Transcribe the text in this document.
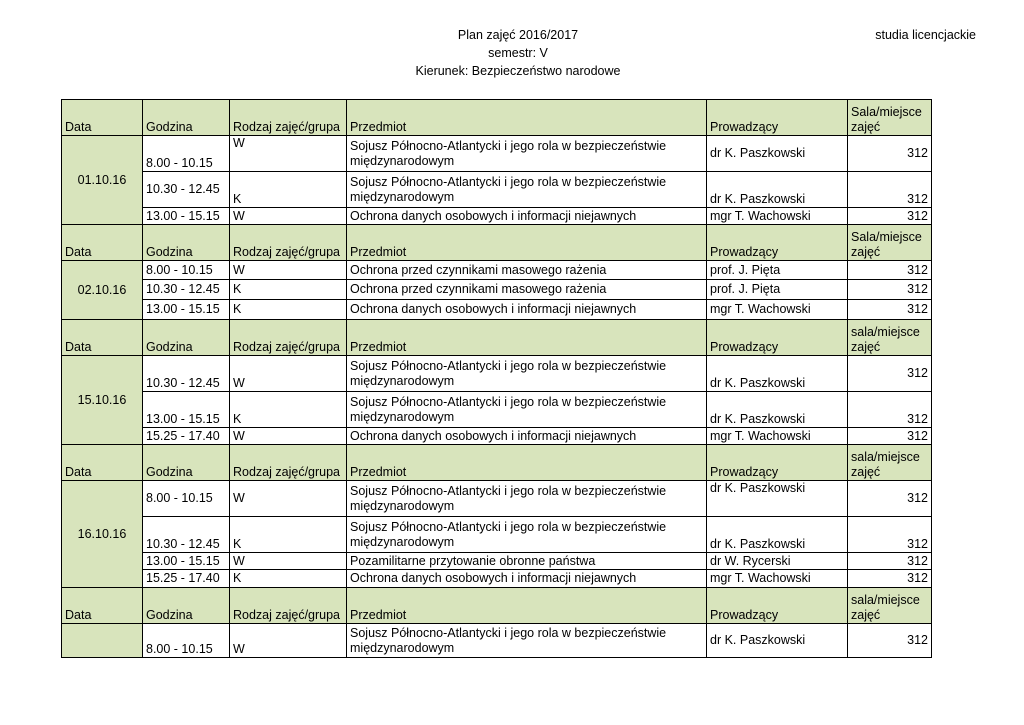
Plan zajęć 2016/2017
semestr: V
Kierunek: Bezpieczeństwo narodowe
studia licencjackie
Data	Godzina	Rodzaj zajęć/grupa	Przedmiot	Prowadzący	Sala/miejsce zajęć
01.10.16	8.00 - 10.15	W	Sojusz Północno-Atlantycki i jego rola w bezpieczeństwie międzynarodowym	dr K. Paszkowski	312
	10.30 - 12.45	K	Sojusz Północno-Atlantycki i jego rola w bezpieczeństwie międzynarodowym	dr K. Paszkowski	312
	13.00 - 15.15	W	Ochrona danych osobowych i informacji niejawnych	mgr T. Wachowski	312
Data	Godzina	Rodzaj zajęć/grupa	Przedmiot	Prowadzący	Sala/miejsce zajęć
02.10.16	8.00 - 10.15	W	Ochrona przed czynnikami masowego rażenia	prof. J. Pięta	312
	10.30 - 12.45	K	Ochrona przed czynnikami masowego rażenia	prof. J. Pięta	312
	13.00 - 15.15	K	Ochrona danych osobowych i informacji niejawnych	mgr T. Wachowski	312
Data	Godzina	Rodzaj zajęć/grupa	Przedmiot	Prowadzący	sala/miejsce zajęć
15.10.16	10.30 - 12.45	W	Sojusz Północno-Atlantycki i jego rola w bezpieczeństwie międzynarodowym	dr K. Paszkowski	312
	13.00 - 15.15	K	Sojusz Północno-Atlantycki i jego rola w bezpieczeństwie międzynarodowym	dr K. Paszkowski	312
	15.25 - 17.40	W	Ochrona danych osobowych i informacji niejawnych	mgr T. Wachowski	312
Data	Godzina	Rodzaj zajęć/grupa	Przedmiot	Prowadzący	sala/miejsce zajęć
16.10.16	8.00 - 10.15	W	Sojusz Północno-Atlantycki i jego rola w bezpieczeństwie międzynarodowym	dr K. Paszkowski	312
	10.30 - 12.45	K	Sojusz Północno-Atlantycki i jego rola w bezpieczeństwie międzynarodowym	dr K. Paszkowski	312
	13.00 - 15.15	W	Pozamilitarne przytowanie obronne państwa	dr W. Rycerski	312
	15.25 - 17.40	K	Ochrona danych osobowych i informacji niejawnych	mgr T. Wachowski	312
Data	Godzina	Rodzaj zajęć/grupa	Przedmiot	Prowadzący	sala/miejsce zajęć
	8.00 - 10.15	W	Sojusz Północno-Atlantycki i jego rola w bezpieczeństwie międzynarodowym	dr K. Paszkowski	312
